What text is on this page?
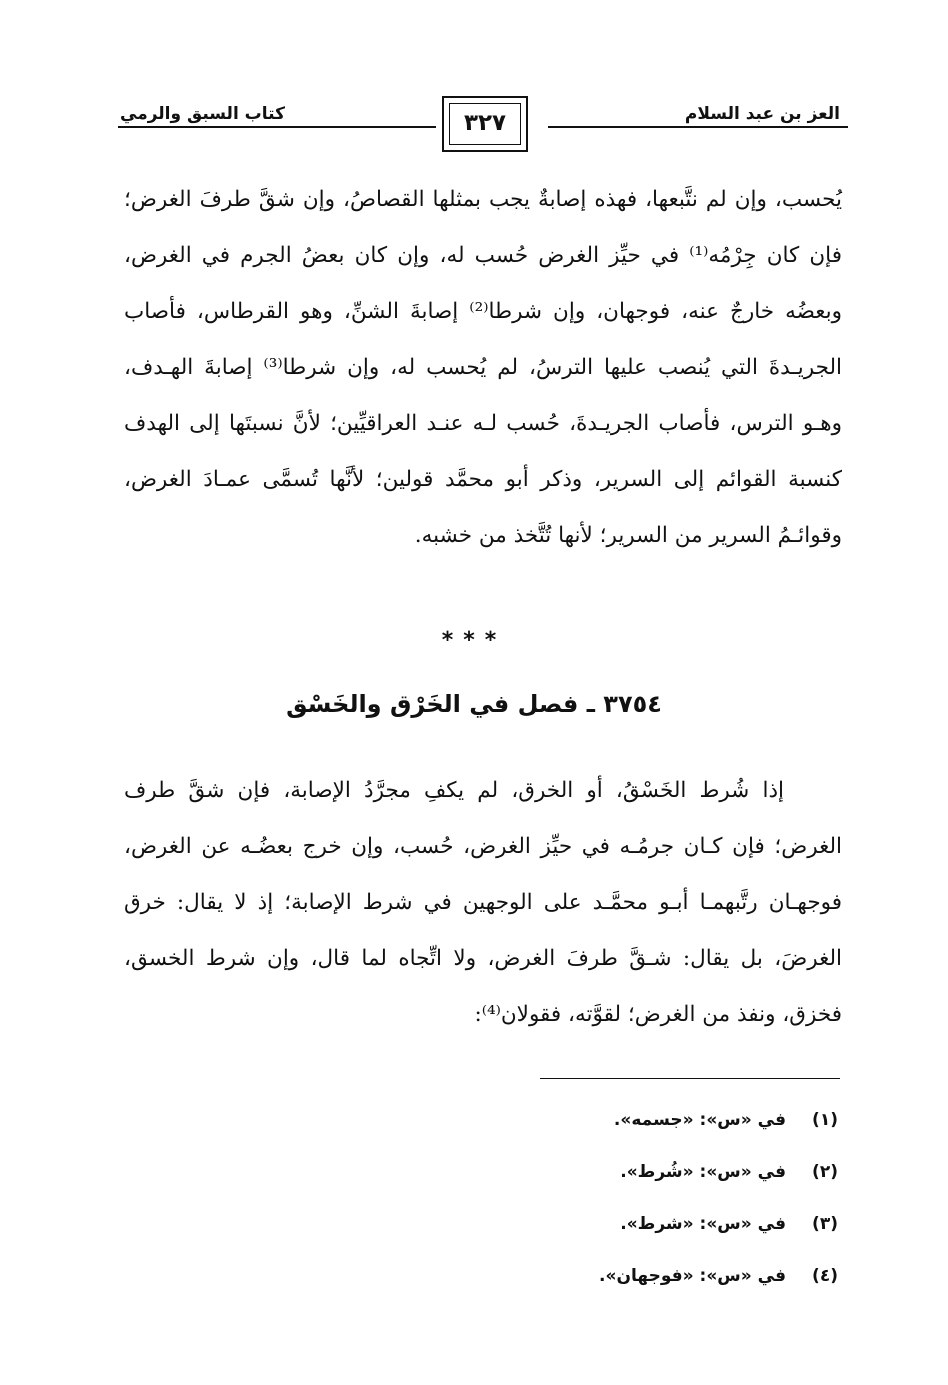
العز بن عبد السلام
٣٢٧
كتاب السبق والرمي
يُحسب، وإن لم نتَّبعها، فهذه إصابةٌ يجب بمثلها القصاصُ، وإن شقَّ طرفَ الغرض؛ فإن كان جِرْمُه⁽¹⁾ في حيِّز الغرض حُسب له، وإن كان بعضُ الجرم في الغرض، وبعضُه خارجٌ عنه، فوجهان، وإن شرطا⁽²⁾ إصابةَ الشنِّ، وهو القرطاس، فأصاب الجريـدةَ التي يُنصب عليها الترسُ، لم يُحسب له، وإن شرطا⁽³⁾ إصابةَ الهـدف، وهـو الترس، فأصاب الجريـدةَ، حُسب لـه عنـد العراقيِّين؛ لأنَّ نسبتَها إلى الهدف كنسبة القوائم إلى السرير، وذكر أبو محمَّد قولين؛ لأنَّها تُسمَّى عمـادَ الغرض، وقوائـمُ السرير من السرير؛ لأنها تُتَّخذ من خشبه.
***
٣٧٥٤ ـ فصل في الخَرْق والخَسْق
إذا شُرط الخَسْقُ، أو الخرق، لم يكفِ مجرَّدُ الإصابة، فإن شقَّ طرف الغرض؛ فإن كـان جرمُـه في حيِّز الغرض، حُسب، وإن خرج بعضُـه عن الغرض، فوجهـان رتَّبهمـا أبـو محمَّـد على الوجهين في شرط الإصابة؛ إذ لا يقال: خرق الغرضَ، بل يقال: شـقَّ طرفَ الغرض، ولا اتِّجاه لما قال، وإن شرط الخسق، فخزق، ونفذ من الغرض؛ لقوَّته، فقولان⁽⁴⁾:
(١)في «س»: «جسمه».
(٢)في «س»: «شُرط».
(٣)في «س»: «شرط».
(٤)في «س»: «فوجهان».
